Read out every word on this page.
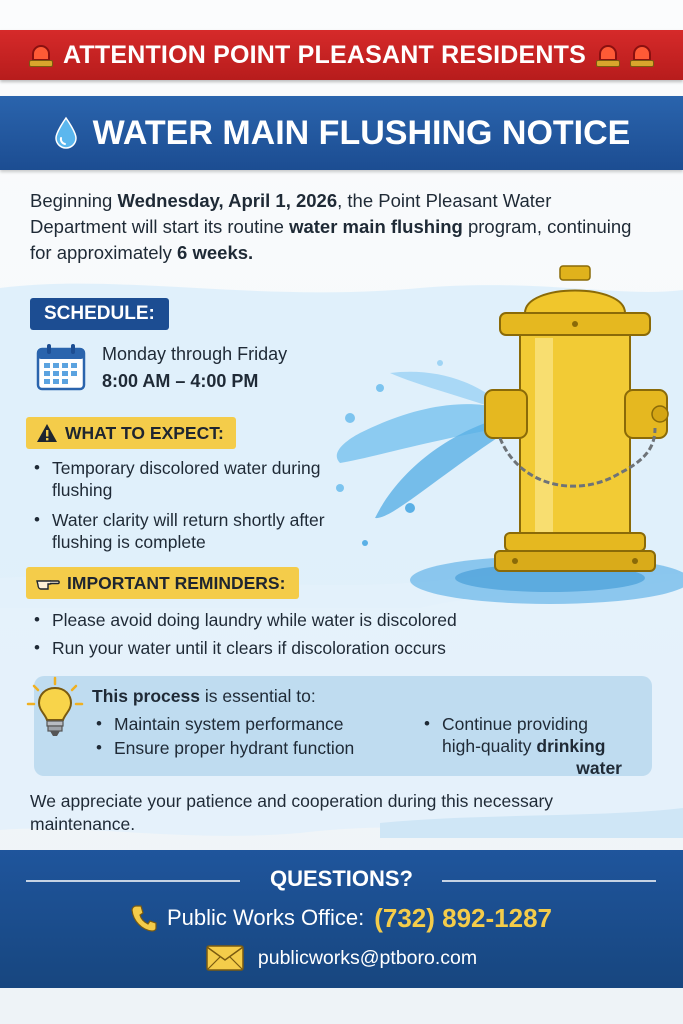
ATTENTION POINT PLEASANT RESIDENTS
WATER MAIN FLUSHING NOTICE

Beginning Wednesday, April 1, 2026, the Point Pleasant Water Department will start its routine water main flushing program, continuing for approximately 6 weeks.

SCHEDULE:
Monday through Friday
8:00 AM – 4:00 PM
WHAT TO EXPECT:
• Temporary discolored water during flushing
• Water clarity will return shortly after flushing is complete
IMPORTANT REMINDERS:
• Please avoid doing laundry while water is discolored
• Run your water until it clears if discoloration occurs
This process is essential to:
• Maintain system performance
• Ensure proper hydrant function
• Continue providing
high-quality drinking
water

We appreciate your patience and cooperation during this necessary maintenance.

QUESTIONS?
Public Works Office: (732) 892-1287
publicworks@ptboro.com
